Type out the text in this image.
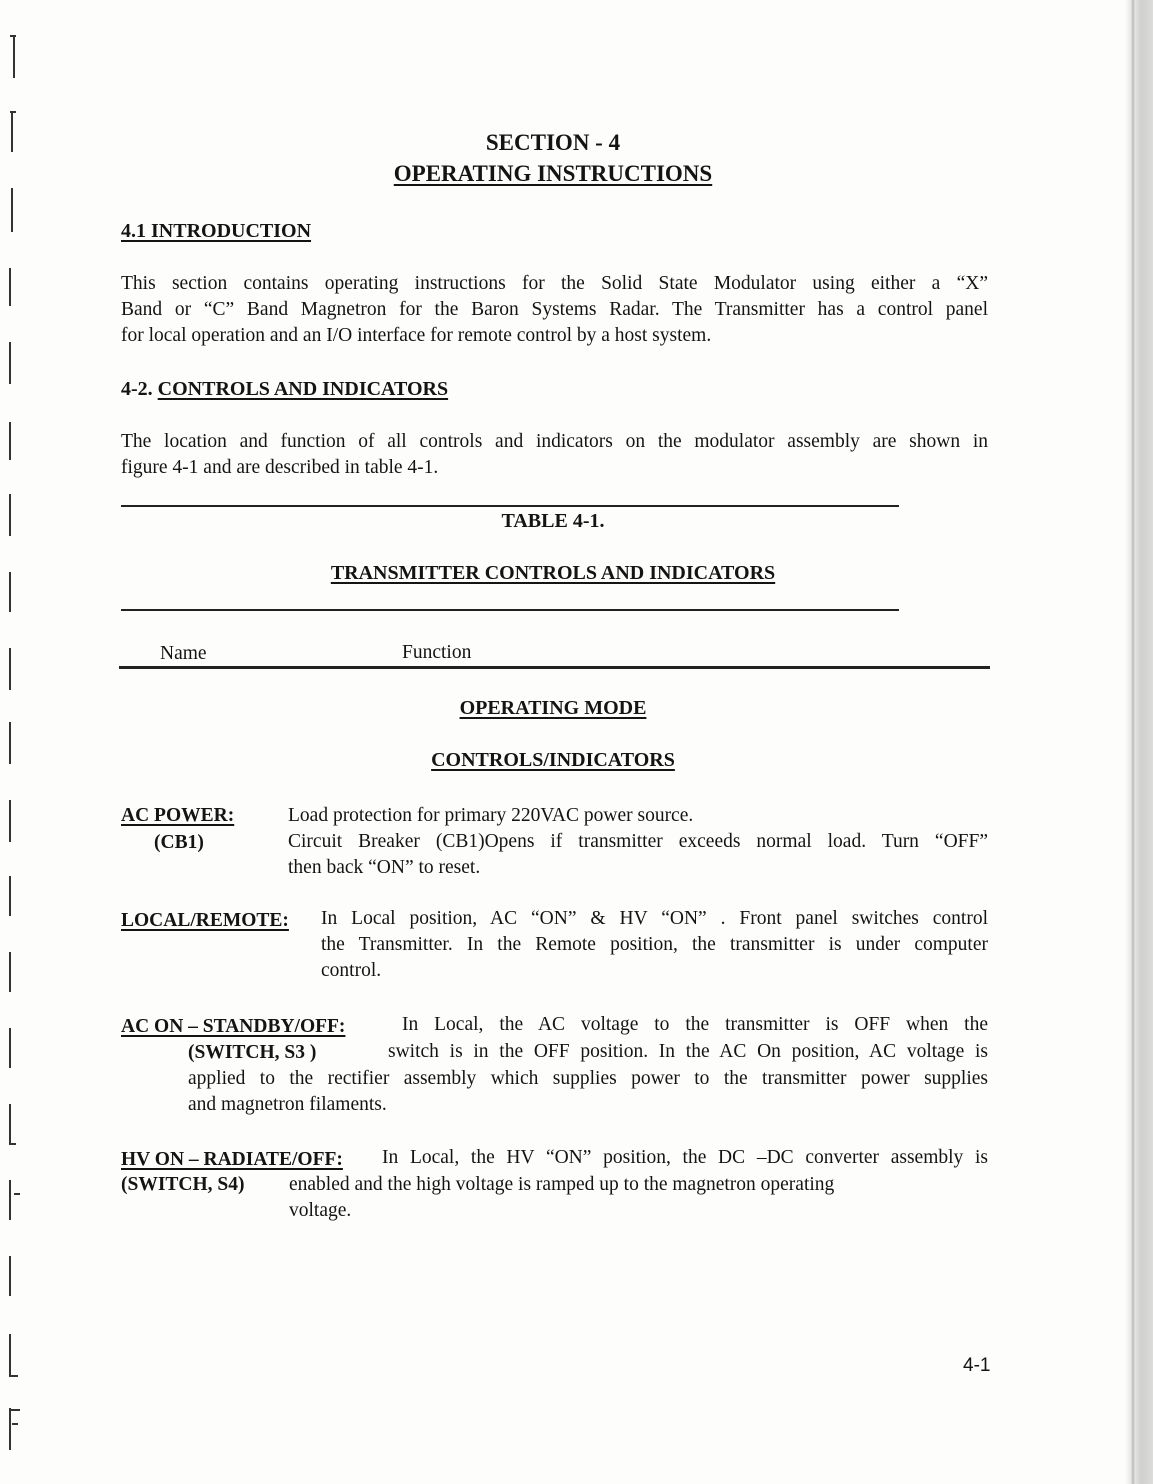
SECTION - 4
OPERATING INSTRUCTIONS
4.1 INTRODUCTION
This section contains operating instructions for the Solid State Modulator using either a “X”
Band or “C” Band Magnetron for the Baron Systems Radar. The Transmitter has a control panel
for local operation and an I/O interface for remote control by a host system.
4-2. CONTROLS AND INDICATORS
The location and function of all controls and indicators on the modulator assembly are shown in
figure 4-1 and are described in table 4-1.
TABLE 4-1.
TRANSMITTER CONTROLS AND INDICATORS
Name	Function
OPERATING MODE
CONTROLS/INDICATORS
AC POWER:
(CB1)
Load protection for primary 220VAC power source.
Circuit Breaker (CB1)Opens if transmitter exceeds normal load. Turn “OFF”
then back “ON” to reset.
LOCAL/REMOTE: In Local position, AC “ON” & HV “ON” . Front panel switches control
the Transmitter. In the Remote position, the transmitter is under computer
control.
AC ON – STANDBY/OFF:	In Local, the AC voltage to the transmitter is OFF when the
(SWITCH, S3 )	switch is in the OFF position. In the AC On position, AC voltage is
applied to the rectifier assembly which supplies power to the transmitter power supplies
and magnetron filaments.
HV ON – RADIATE/OFF: In Local, the HV “ON” position, the DC –DC converter assembly is
(SWITCH, S4) enabled and the high voltage is ramped up to the magnetron operating
voltage.
4-1
